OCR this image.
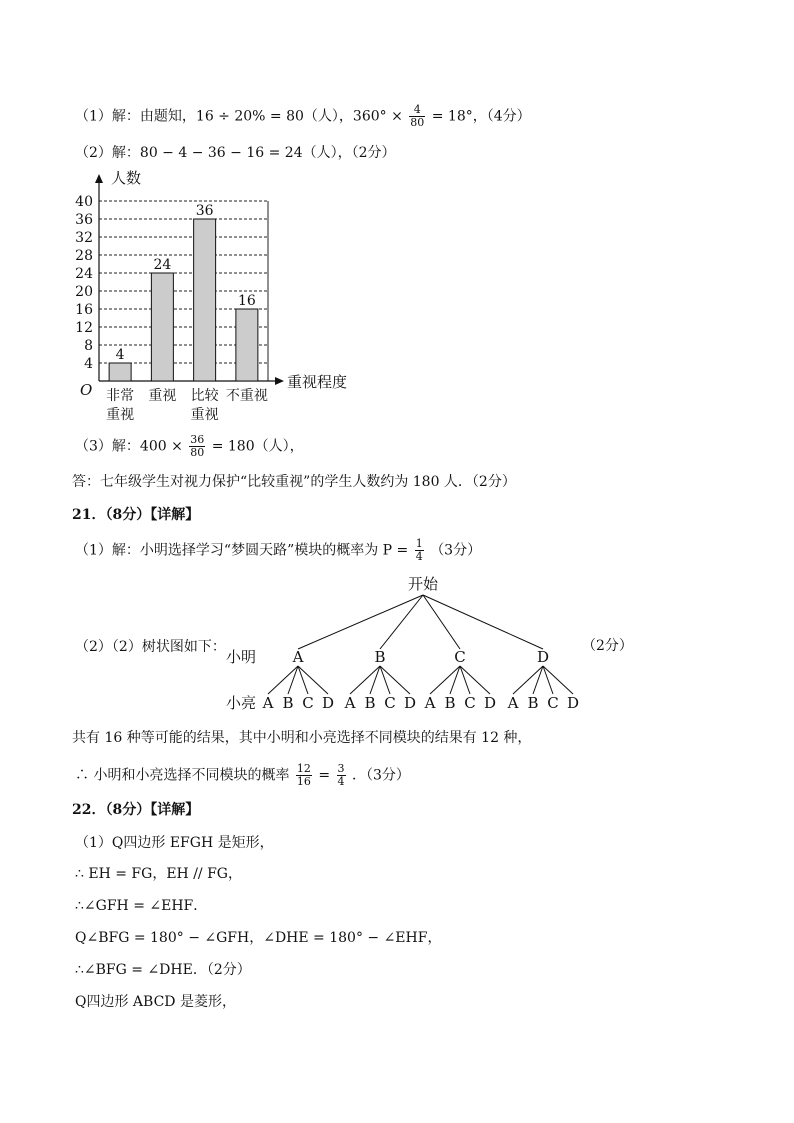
（1）解：由题知，16 ÷ 20% = 80（人），$360^\circ \times \frac{4}{80} = 18^\circ$，（4分）
（2）解：80 − 4 − 36 − 16 = 24（人），（2分）
4
8
12
16
20
24
28
32
36
40
人数
重视程度
O
4
非常
重视
24
重视
36
比较
重视
16
不重视
（3）解：$400 \times \frac{36}{80} = 180$（人），
答：七年级学生对视力保护“比较重视”的学生人数约为 180 人．（2分）
21．（8分）【详解】
（1）解：小明选择学习“梦圆天路”模块的概率为 $P = \frac{1}{4} (3$分）
（2）（2）树状图如下：	（2分）
开始
小明
小亮
A
A B C D
B
A B C D
C
A B C D
D
A B C D
共有 16 种等可能的结果，其中小明和小亮选择不同模块的结果有 12 种，
∴ 小明和小亮选择不同模块的概率 $\frac{12}{16} = \frac{3}{4}$ ．（3分）
22．（8分）【详解】
（1）Q四边形 EFGH 是矩形，
∴ EH = FG，EH // FG，
∴∠GFH = ∠EHF．
Q∠BFG = 180° − ∠GFH，∠DHE = 180° − ∠EHF，
∴∠BFG = ∠DHE．（2分）
Q四边形 ABCD 是菱形，
